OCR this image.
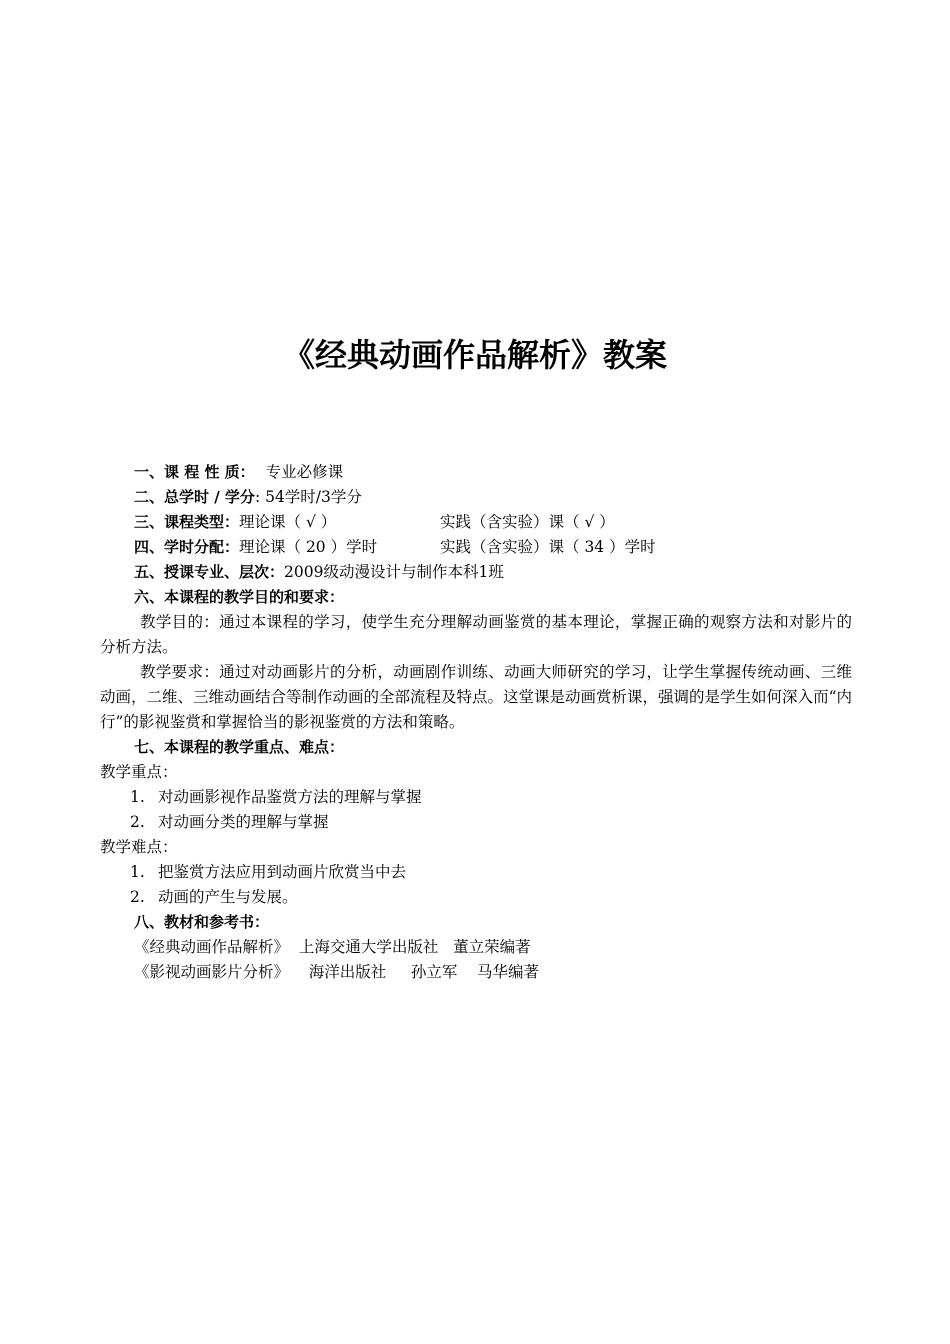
《经典动画作品解析》教案
一、课 程 性 质： 专业必修课
二、总学时 / 学分: 54学时/3学分
三、课程类型：理论课（ √ ）	实践（含实验）课（ √ ）
四、学时分配：理论课（ 20 ）学时	实践（含实验）课（ 34 ）学时
五、授课专业、层次：2009级动漫设计与制作本科1班
六、本课程的教学目的和要求：
教学目的：通过本课程的学习，使学生充分理解动画鉴赏的基本理论，掌握正确的观察方法和对影片的分析方法。
教学要求：通过对动画影片的分析，动画剧作训练、动画大师研究的学习，让学生掌握传统动画、三维动画，二维、三维动画结合等制作动画的全部流程及特点。这堂课是动画赏析课，强调的是学生如何深入而“内行”的影视鉴赏和掌握恰当的影视鉴赏的方法和策略。
七、本课程的教学重点、难点：
教学重点：
1. 对动画影视作品鉴赏方法的理解与掌握
2. 对动画分类的理解与掌握
教学难点：
1. 把鉴赏方法应用到动画片欣赏当中去
2. 动画的产生与发展。
八、教材和参考书：
《经典动画作品解析》  上海交通大学出版社   董立荣编著
《影视动画影片分析》    海洋出版社     孙立军    马华编著
